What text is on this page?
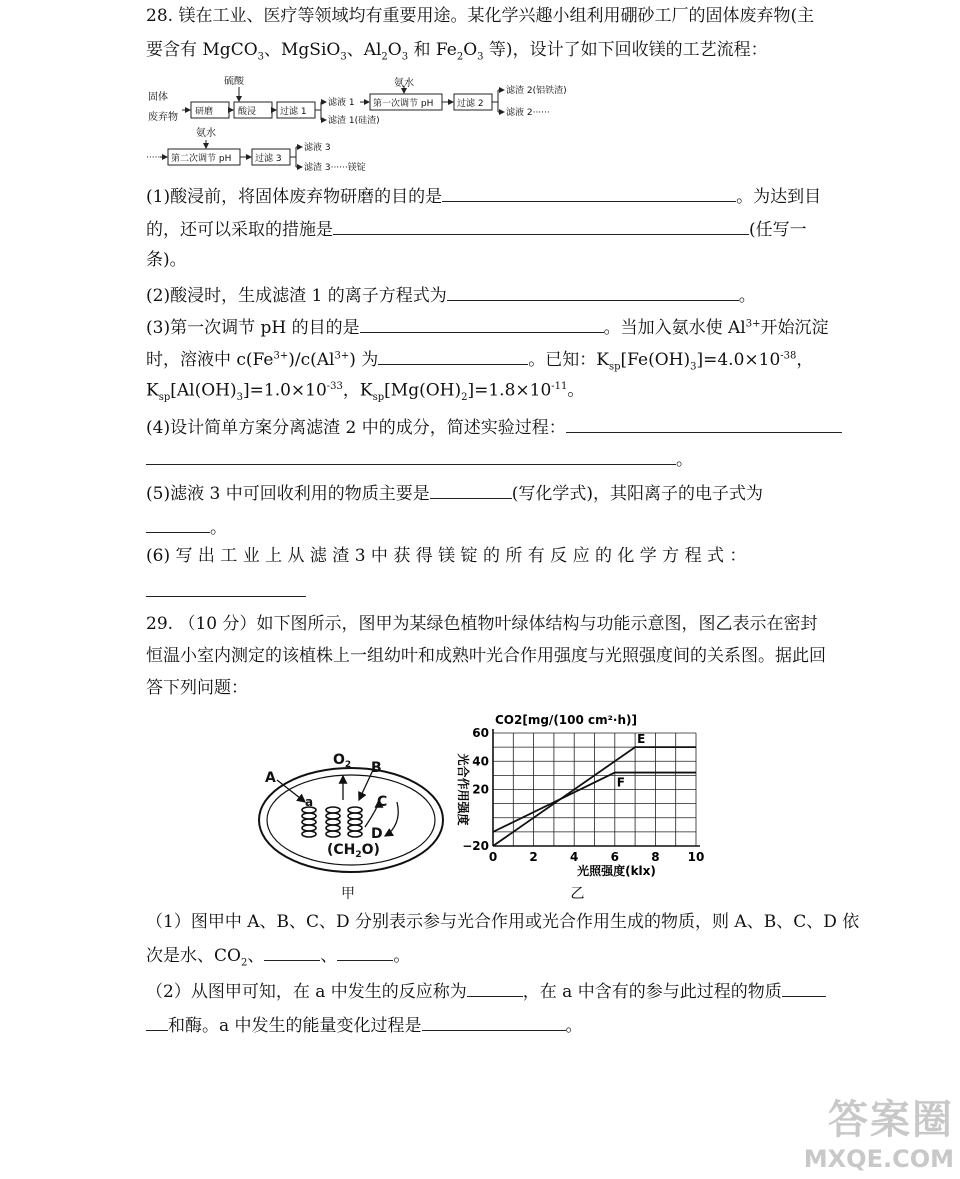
28. 镁在工业、医疗等领域均有重要用途。某化学兴趣小组利用硼砂工厂的固体废弃物(主
要含有 MgCO$_3$、MgSiO$_3$、$Al_2O_3$ 和 $Fe_2O_3$ 等)，设计了如下回收镁的工艺流程：
固体
废弃物
硫酸	氨水
氨水
研磨	酸浸	过滤 1
滤液 1
滤渣 1(硅渣)
第一次调节 pH	过滤 2
滤渣 2(铝铁渣)
滤液 2······
····· 第二次调节 pH	过滤 3
滤液 3
滤渣 3······镁锭
(1)酸浸前，将固体废弃物研磨的目的是	。为达到目
的，还可以采取的措施是	(任写一
条)。
(2)酸浸时，生成滤渣 1 的离子方程式为	。
(3)第一次调节 pH 的目的是	。当加入氨水使 $Al^{3+}$开始沉淀
时，溶液中 $c(Fe^{3+})/c(Al^{3+})$ 为	。已知：$K_{sp}[Fe(OH)_3]=4.0\times 10^{-38}$，
$K_{sp}[Al(OH)_3]=1.0\times 10^{-33}$，$K_{sp}[Mg(OH)_2]=1.8\times 10^{-11}$。
(4)设计简单方案分离滤渣 2 中的成分，简述实验过程：
。
(5)滤液 3 中可回收利用的物质主要是	(写化学式)，其阳离子的电子式为
。
(6) 写 出 工 业 上 从 滤 渣 3 中 获 得 镁 锭 的 所 有 反 应 的 化 学 方 程 式 ：
29. （10 分）如下图所示，图甲为某绿色植物叶绿体结构与功能示意图，图乙表示在密封
恒温小室内测定的该植株上一组幼叶和成熟叶光合作用强度与光照强度间的关系图。据此回
答下列问题：
A
a
$O_2$ B
C
D
$(CH_2O)$
甲
0	2	4	6	8 10
−20
20
40
60
CO2[mg/(100 cm²·h)]
光合作用强度
光照强度(klx)
乙
E
F
（1）图甲中 A、B、C、D 分别表示参与光合作用或光合作用生成的物质，则 A、B、C、D 依
次是水、$CO_2$、	、	。
（2）从图甲可知，在 a 中发生的反应称为	，在 a 中含有的参与此过程的物质
和酶。a 中发生的能量变化过程是	。
答案圈
MXQE.COM
